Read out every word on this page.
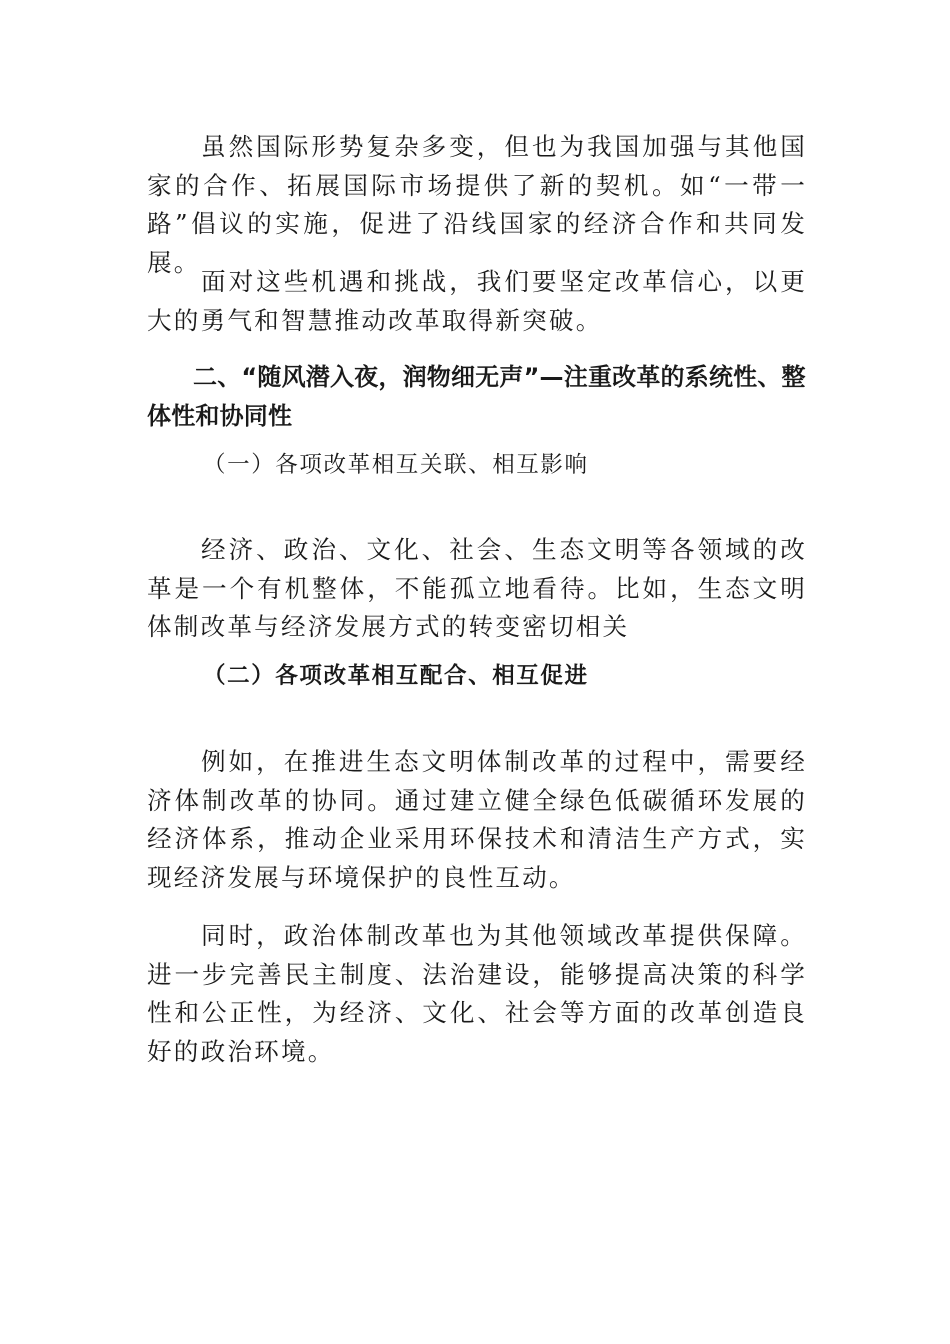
虽然国际形势复杂多变，但也为我国加强与其他国家的合作、拓展国际市场提供了新的契机。如“一带一路”倡议的实施，促进了沿线国家的经济合作和共同发展。

面对这些机遇和挑战，我们要坚定改革信心，以更大的勇气和智慧推动改革取得新突破。

二、“随风潜入夜，润物细无声”—注重改革的系统性、整体性和协同性

（一）各项改革相互关联、相互影响

经济、政治、文化、社会、生态文明等各领域的改革是一个有机整体，不能孤立地看待。比如，生态文明体制改革与经济发展方式的转变密切相关

（二）各项改革相互配合、相互促进

例如，在推进生态文明体制改革的过程中，需要经济体制改革的协同。通过建立健全绿色低碳循环发展的经济体系，推动企业采用环保技术和清洁生产方式，实现经济发展与环境保护的良性互动。

同时，政治体制改革也为其他领域改革提供保障。进一步完善民主制度、法治建设，能够提高决策的科学性和公正性，为经济、文化、社会等方面的改革创造良好的政治环境。
